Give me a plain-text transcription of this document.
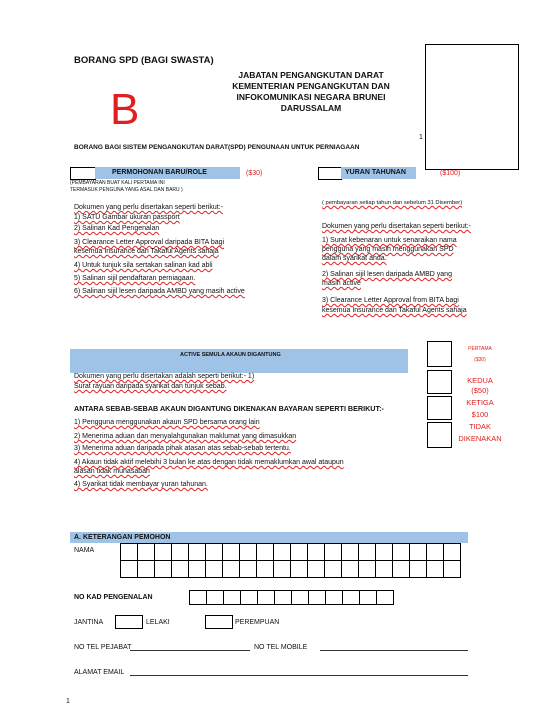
BORANG SPD (BAGI SWASTA)
B
JABATAN PENGANGKUTAN DARAT
KEMENTERIAN PENGANGKUTAN DAN
INFOKOMUNIKASI NEGARA BRUNEI
DARUSSALAM
1
BORANG BAGI SISTEM PENGANGKUTAN DARAT(SPD) PENGUNAAN UNTUK PERNIAGAAN
PERMOHONAN BARU/ROLE	($30)
(PEMBAYARAN BUAT KALI PERTAMA INI
TERMASUK PENGUNA YANG ASAL DAN BARU )
Dokumen yang perlu disertakan seperti berikut:-
1) SATU Gambar ukuran passport
2) Salinan Kad Pengenalan
3) Clearance Letter Approval daripada BITA bagi
kesemua Insurance dan Takaful Agents sahaja
4) Untuk tunjuk sila sertakan salinan kad abli
5) Salinan sijil pendaftaran perniagaan.
6) Salinan sijil lesen daripada AMBD yang masih active
YURAN TAHUNAN	($100)
( pembayaran setiap tahun dan sebelum 31 Disember)
Dokumen yang perlu disertakan seperti berikut:-
1) Surat kebenaran untuk senaraikan nama
pengguna yang masih menggunakan SPD
dalam syarikat anda.
2) Salinan sijil lesen daripada AMBD yang
masih active
3) Clearance Letter Approval from BITA bagi
kesemua Insurance dan Takaful Agents sahaja
ACTIVE SEMULA AKAUN DIGANTUNG
Dokumen yang perlu disertakan adalah seperti berikut:- 1)
Surat rayuan daripada syarikat dan tunjuk sebab.
ANTARA SEBAB-SEBAB AKAUN DIGANTUNG DIKENAKAN BAYARAN SEPERTI BERIKUT:-
1) Pengguna menggunakan akaun SPD bersama orang lain
2) Menerima aduan dan menyalahgunakan maklumat yang dimasukkan
3) Menerima aduan daripada pihak atasan atas sebab-sebab tertentu.
4) Akaun tidak aktif melebihi 3 bulan ke atas dengan tidak memaklumkan awal ataupun
alasan tidak munasabah
4) Syarikat tidak membayar yuran tahunan.
PERTAMA
($30)
KEDUA
($50)
KETIGA
$100
TIDAK
DIKENAKAN
A. KETERANGAN PEMOHON
NAMA
NO KAD PENGENALAN
JANTINA	LELAKI	PEREMPUAN
NO TEL PEJABAT	NO TEL MOBILE
ALAMAT EMAIL
1
